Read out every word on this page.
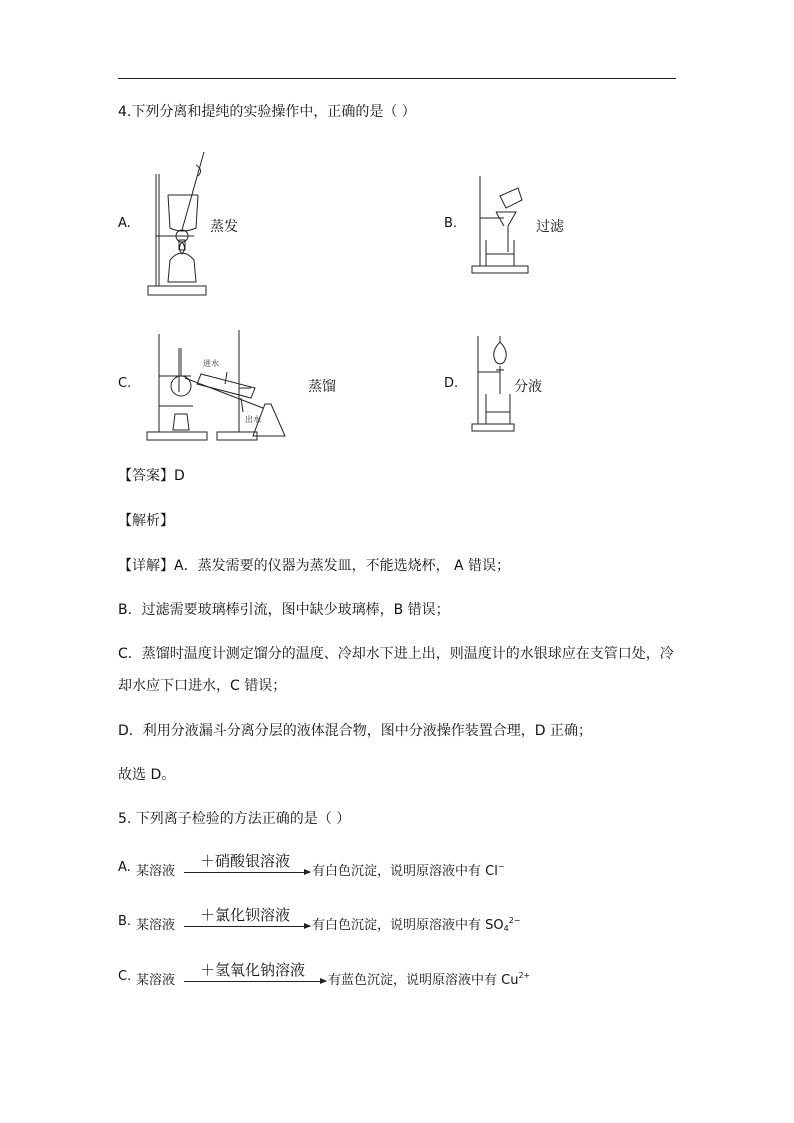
4.下列分离和提纯的实验操作中，正确的是（ ）
A.	蒸发	B.	过滤
C.
进水
出水
蒸馏	D.	分液
【答案】D
【解析】
【详解】A．蒸发需要的仪器为蒸发皿，不能选烧杯， A 错误；
B．过滤需要玻璃棒引流，图中缺少玻璃棒，B 错误；
C．蒸馏时温度计测定馏分的温度、冷却水下进上出，则温度计的水银球应在支管口处，冷
却水应下口进水，C 错误；
D．利用分液漏斗分离分层的液体混合物，图中分液操作装置合理，D 正确；
故选 D。
5. 下列离子检验的方法正确的是（ ）
A. 某溶液
＋硝酸银溶液
有白色沉淀，说明原溶液中有 Cl−
B. 某溶液
＋氯化钡溶液
有白色沉淀，说明原溶液中有 $SO_4^{2-}$
C. 某溶液
＋氢氧化钠溶液
有蓝色沉淀，说明原溶液中有 $Cu^{2+}$
